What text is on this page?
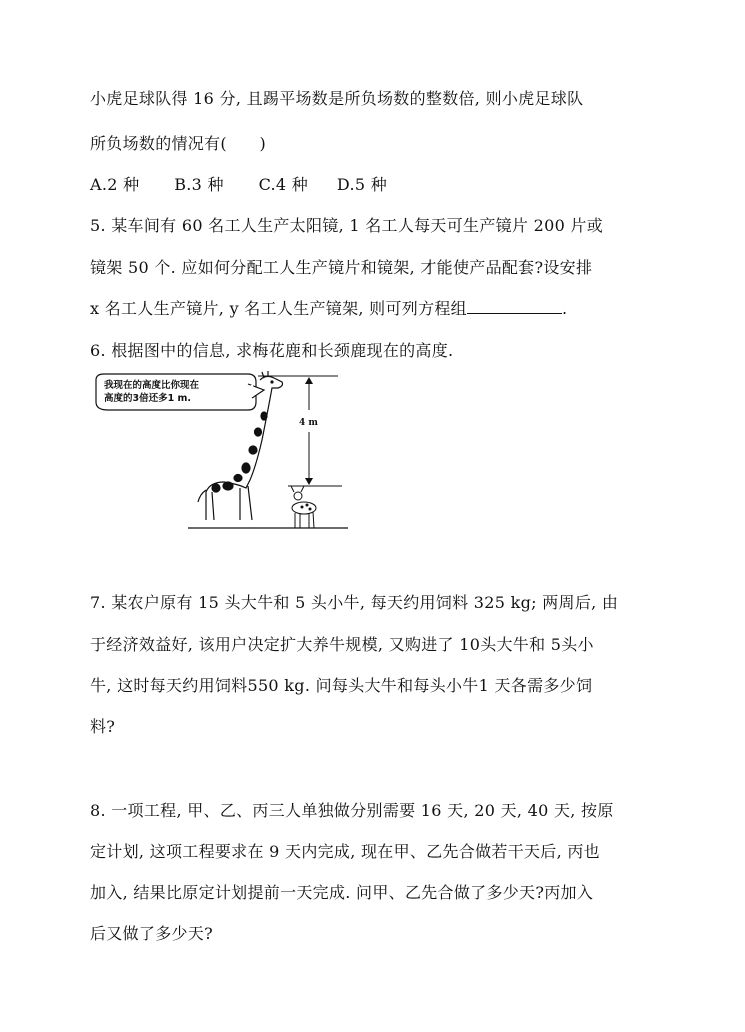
小虎足球队得 16 分, 且踢平场数是所负场数的整数倍, 则小虎足球队
所负场数的情况有(　　)
A.2 种 B.3 种 C.4 种 D.5 种
5. 某车间有 60 名工人生产太阳镜, 1 名工人每天可生产镜片 200 片或
镜架 50 个. 应如何分配工人生产镜片和镜架, 才能使产品配套?设安排
x 名工人生产镜片, y 名工人生产镜架, 则可列方程组	.
6. 根据图中的信息, 求梅花鹿和长颈鹿现在的高度.
我现在的高度比你现在
高度的3倍还多1 m.
4 m
7. 某农户原有 15 头大牛和 5 头小牛, 每天约用饲料 325 kg; 两周后, 由
于经济效益好, 该用户决定扩大养牛规模, 又购进了 10头大牛和 5头小
牛, 这时每天约用饲料550 kg. 问每头大牛和每头小牛1 天各需多少饲
料?
8. 一项工程, 甲、乙、丙三人单独做分别需要 16 天, 20 天, 40 天, 按原
定计划, 这项工程要求在 9 天内完成, 现在甲、乙先合做若干天后, 丙也
加入, 结果比原定计划提前一天完成. 问甲、乙先合做了多少天?丙加入
后又做了多少天?
